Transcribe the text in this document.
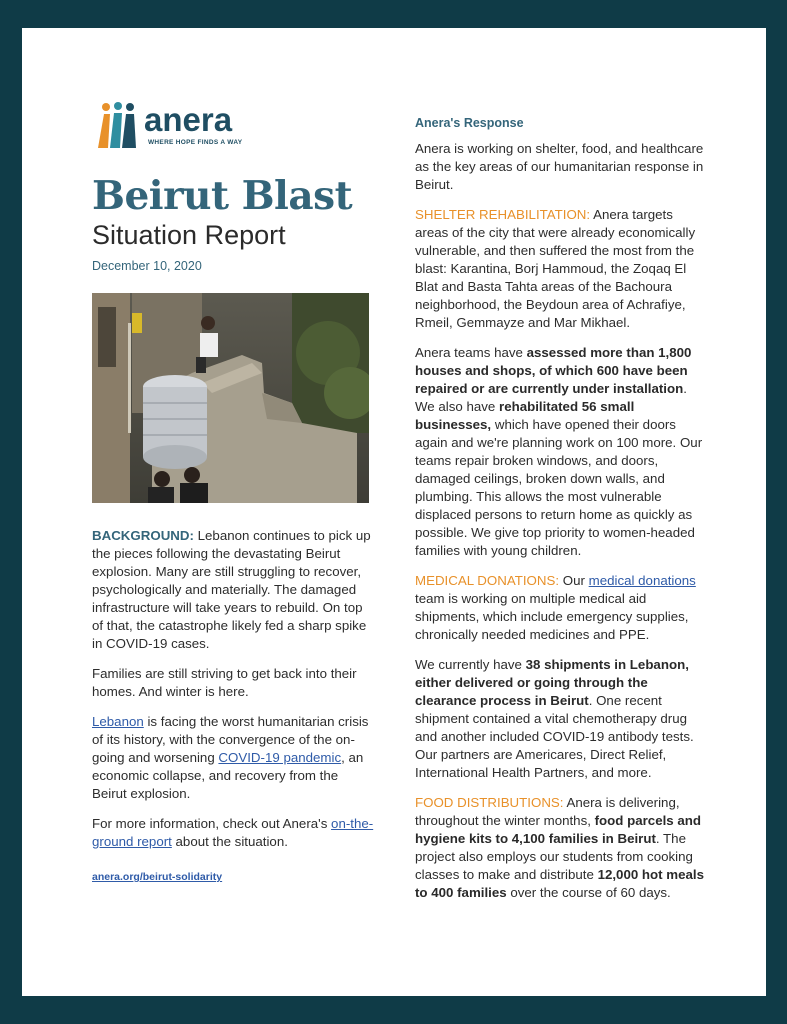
anera
WHERE HOPE FINDS A WAY
Beirut Blast
Situation Report
December 10, 2020

BACKGROUND: Lebanon continues to pick up the pieces following the devastating Beirut explosion. Many are still struggling to recover, psychologically and materially. The damaged infrastructure will take years to rebuild. On top of that, the catastrophe likely fed a sharp spike in COVID-19 cases.

Families are still striving to get back into their homes. And winter is here.

Lebanon is facing the worst humanitarian crisis of its history, with the convergence of the on-going and worsening COVID-19 pandemic, an economic collapse, and recovery from the Beirut explosion.

For more information, check out Anera's on-the-ground report about the situation.

anera.org/beirut-solidarity
Anera's Response

Anera is working on shelter, food, and healthcare as the key areas of our humanitarian response in Beirut.

SHELTER REHABILITATION: Anera targets areas of the city that were already economically vulnerable, and then suffered the most from the blast: Karantina, Borj Hammoud, the Zoqaq El Blat and Basta Tahta areas of the Bachoura neighborhood, the Beydoun area of Achrafiye, Rmeil, Gemmayze and Mar Mikhael.

Anera teams have assessed more than 1,800 houses and shops, of which 600 have been repaired or are currently under installation. We also have rehabilitated 56 small businesses, which have opened their doors again and we're planning work on 100 more. Our teams repair broken windows, and doors, damaged ceilings, broken down walls, and plumbing. This allows the most vulnerable displaced persons to return home as quickly as possible. We give top priority to women-headed families with young children.

MEDICAL DONATIONS: Our medical donations team is working on multiple medical aid shipments, which include emergency supplies, chronically needed medicines and PPE.

We currently have 38 shipments in Lebanon, either delivered or going through the clearance process in Beirut. One recent shipment contained a vital chemotherapy drug and another included COVID-19 antibody tests. Our partners are Americares, Direct Relief, International Health Partners, and more.

FOOD DISTRIBUTIONS: Anera is delivering, throughout the winter months, food parcels and hygiene kits to 4,100 families in Beirut. The project also employs our students from cooking classes to make and distribute 12,000 hot meals to 400 families over the course of 60 days.
